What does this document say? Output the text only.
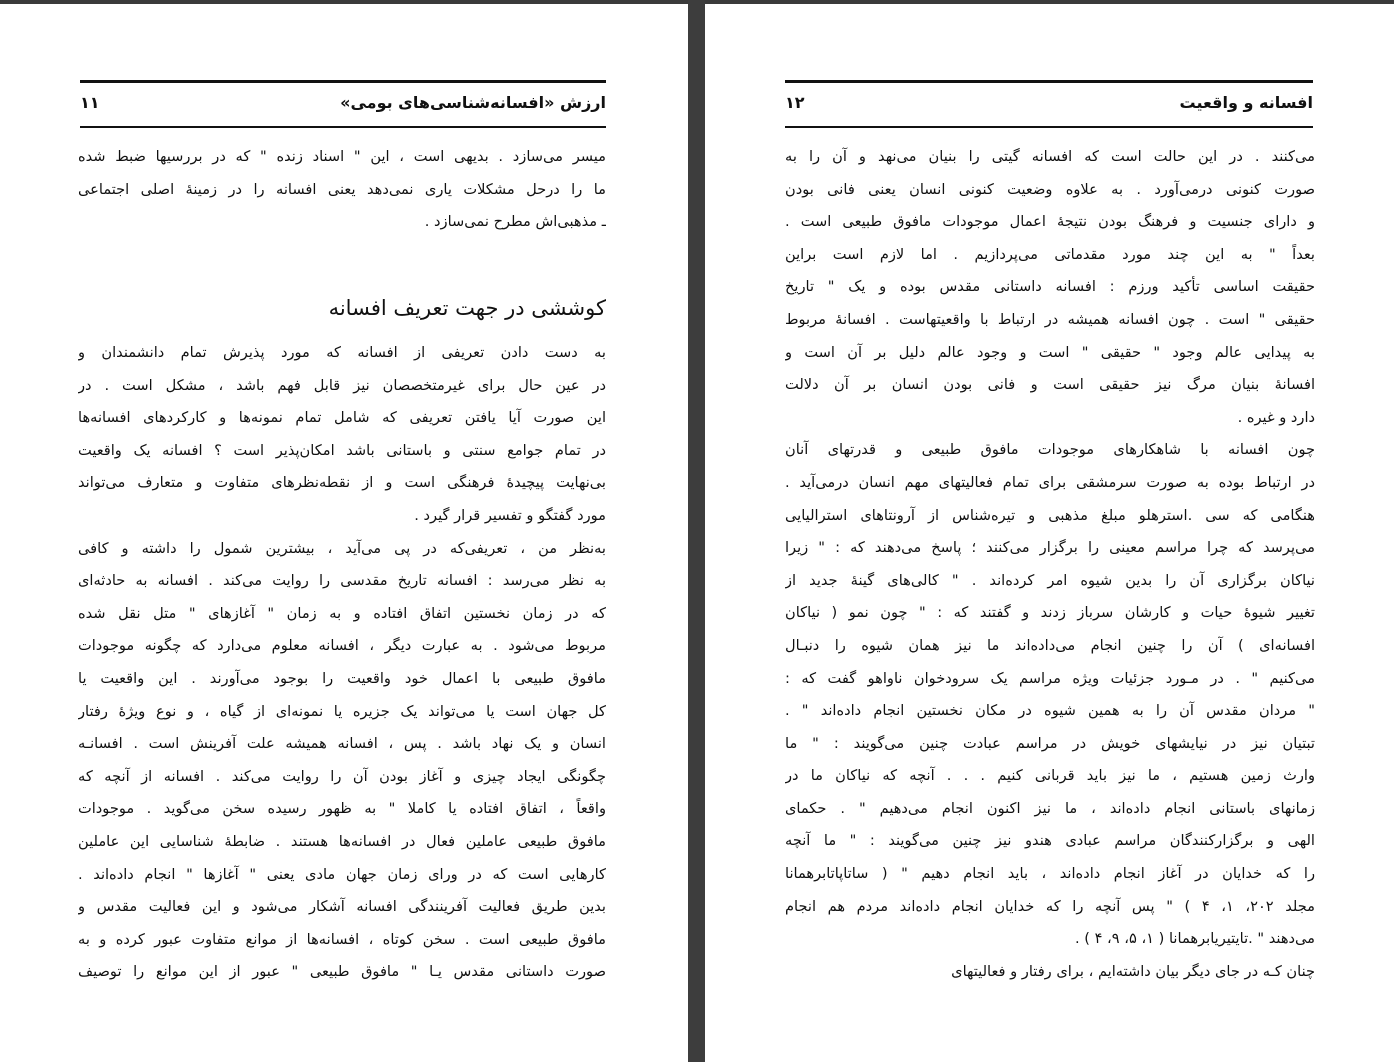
ارزش «افسانه‌شناسی‌های بومی»
۱۱
میسر می‌سازد . بدیهی است ، این " اسناد زنده " که در بررسیها ضبط شده
ما را درحل مشکلات یاری نمی‌دهد یعنی افسانه را در زمینهٔ اصلی اجتماعی
ـ مذهبی‌اش مطرح نمی‌سازد .
کوششی در جهت تعریف افسانه
به دست دادن تعریفی از افسانه که مورد پذیرش تمام دانشمندان و
در عین حال برای غیرمتخصصان نیز قابل فهم باشد ، مشکل است . در
این صورت آیا یافتن تعریفی که شامل تمام نمونه‌ها و کارکردهای افسانه‌ها
در تمام جوامع سنتی و باستانی باشد امکان‌پذیر است ؟ افسانه یک واقعیت
بی‌نهایت پیچیدهٔ فرهنگی است و از نقطه‌نظرهای متفاوت و متعارف می‌تواند
مورد گفتگو و تفسیر قرار گیرد .
به‌نظر من ، تعریفی‌که در پی می‌آید ، بیشترین شمول را داشته و کافی
به نظر می‌رسد : افسانه تاریخ مقدسی را روایت می‌کند . افسانه به حادثه‌ای
که در زمان نخستین اتفاق افتاده و به زمان " آغازهای " متل نقل شده
مربوط می‌شود . به عبارت دیگر ، افسانه معلوم می‌دارد که چگونه موجودات
مافوق طبیعی با اعمال خود واقعیت را بوجود می‌آورند . این واقعیت یا
کل جهان است یا می‌تواند یک جزیره یا نمونه‌ای از گیاه ، و نوع ویژهٔ رفتار
انسان و یک نهاد باشد . پس ، افسانه همیشه علت آفرینش است . افسانـه
چگونگی ایجاد چیزی و آغاز بودن آن را روایت می‌کند . افسانه از آنچه که
واقعاً ، اتفاق افتاده یا کاملا " به ظهور رسیده سخن می‌گوید . موجودات
مافوق طبیعی عاملین فعال در افسانه‌ها هستند . ضابطهٔ شناسایی این عاملین
کارهایی است که در ورای زمان جهان مادی یعنی " آغازها " انجام داده‌اند .
بدین طریق فعالیت آفرینندگی افسانه آشکار می‌شود و این فعالیت مقدس و
مافوق طبیعی است . سخن کوتاه ، افسانه‌ها از موانع متفاوت عبور کرده و به
صورت داستانی مقدس یـا " مافوق طبیعی " عبور از این موانع را توصیف
افسانه و واقعیت
۱۲
می‌کنند . در این حالت است که افسانه گیتی را بنیان می‌نهد و آن را به
صورت کنونی درمی‌آورد . به علاوه وضعیت کنونی انسان یعنی فانی بودن
و دارای جنسیت و فرهنگ بودن نتیجهٔ اعمال موجودات مافوق طبیعی است .
بعداً " به این چند مورد مقدماتی می‌پردازیم . اما لازم است براین
حقیقت اساسی تأکید ورزم : افسانه داستانی مقدس بوده و یک " تاریخ
حقیقی " است . چون افسانه همیشه در ارتباط با واقعیتهاست . افسانهٔ مربوط
به پیدایی عالم وجود " حقیقی " است و وجود عالم دلیل بر آن است و
افسانهٔ بنیان مرگ نیز حقیقی است و فانی بودن انسان بر آن دلالت
دارد و غیره .
چون افسانه با شاهکارهای موجودات مافوق طبیعی و قدرتهای آنان
در ارتباط بوده به صورت سرمشقی برای تمام فعالیتهای مهم انسان درمی‌آید .
هنگامی که سی .استرهلو مبلغ مذهبی و تیره‌شناس از آرونتاهای استرالیایی
می‌پرسد که چرا مراسم معینی را برگزار می‌کنند ؛ پاسخ می‌دهند که : " زیرا
نیاکان برگزاری آن را بدین شیوه امر کرده‌اند . " کالی‌های گینهٔ جدید از
تغییر شیوهٔ حیات و کارشان سرباز زدند و گفتند که : " چون نمو ( نیاکان
افسانه‌ای ) آن را چنین انجام می‌داده‌اند ما نیز همان شیوه را دنبـال
می‌کنیم " . در مـورد جزئیات ویژه مراسم یک سرودخوان ناواهو گفت که :
" مردان مقدس آن را به همین شیوه در مکان نخستین انجام داده‌اند " .
تبتیان نیز در نیایشهای خویش در مراسم عبادت چنین می‌گویند : " ما
وارث زمین هستیم ، ما نیز باید قربانی کنیم . . . آنچه که نیاکان ما در
زمانهای باستانی انجام داده‌اند ، ما نیز اکنون انجام می‌دهیم " . حکمای
الهی و برگزارکنندگان مراسم عبادی هندو نیز چنین می‌گویند : " ما آنچه
را که خدایان در آغاز انجام داده‌اند ، باید انجام دهیم " ( ساتاپاتابرهمانا
مجلد ۲۰۲، ۱، ۴ ) " پس آنچه را که خدایان انجام داده‌اند مردم هم انجام
می‌دهند " .تایتیریابرهمانا ( ۱، ۵، ۹، ۴ ) .
چنان کـه در جای دیگر بیان داشته‌ایم ، برای رفتار و فعالیتهای
